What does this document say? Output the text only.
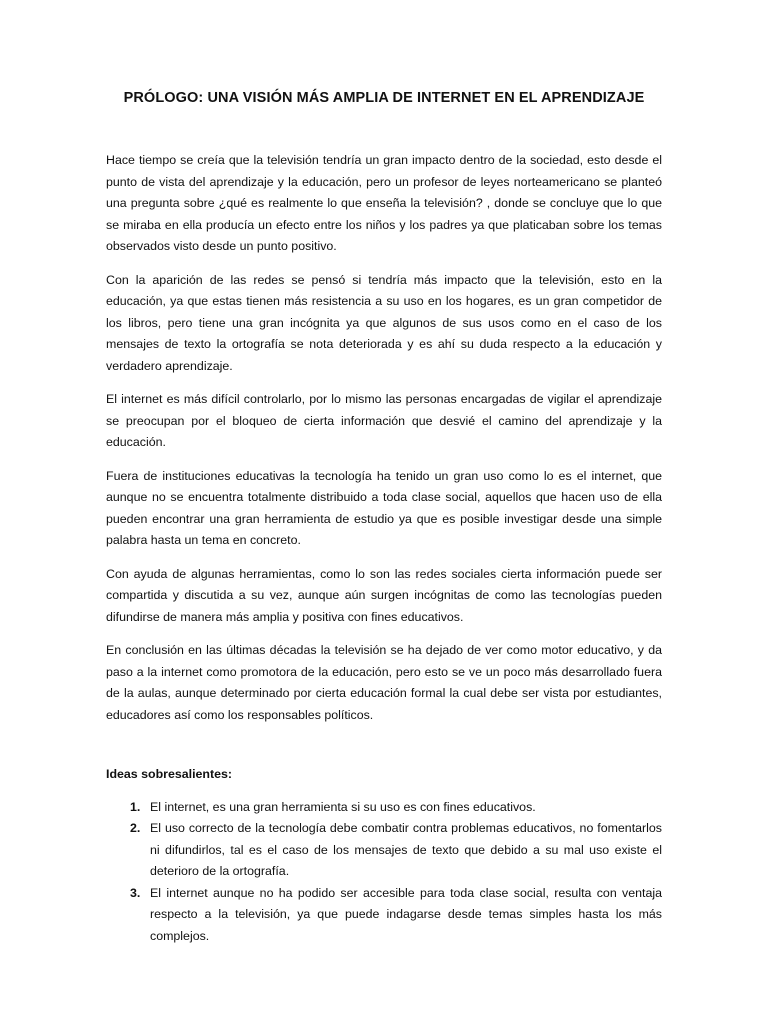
PRÓLOGO: UNA VISIÓN MÁS AMPLIA DE INTERNET EN EL APRENDIZAJE

Hace tiempo se creía que la televisión tendría un gran impacto dentro de la sociedad, esto desde el punto de vista del aprendizaje y la educación, pero un profesor de leyes norteamericano se planteó una pregunta sobre ¿qué es realmente lo que enseña la televisión? , donde se concluye que lo que se miraba en ella producía un efecto entre los niños y los padres ya que platicaban sobre los temas observados visto desde un punto positivo.

Con la aparición de las redes se pensó si tendría más impacto que la televisión, esto en la educación, ya que estas tienen más resistencia a su uso en los hogares, es un gran competidor de los libros, pero tiene una gran incógnita ya que algunos de sus usos como en el caso de los mensajes de texto la ortografía se nota deteriorada y es ahí su duda respecto a la educación y verdadero aprendizaje.

El internet es más difícil controlarlo, por lo mismo las personas encargadas de vigilar el aprendizaje se preocupan por el bloqueo de cierta información que desvié el camino del aprendizaje y la educación.

Fuera de instituciones educativas la tecnología ha tenido un gran uso como lo es el internet, que aunque no se encuentra totalmente distribuido a toda clase social, aquellos que hacen uso de ella pueden encontrar una gran herramienta de estudio ya que es posible investigar desde una simple palabra hasta un tema en concreto.

Con ayuda de algunas herramientas, como lo son las redes sociales cierta información puede ser compartida y discutida a su vez, aunque aún surgen incógnitas de como las tecnologías pueden difundirse de manera más amplia y positiva con fines educativos.

En conclusión en las últimas décadas la televisión se ha dejado de ver como motor educativo, y da paso a la internet como promotora de la educación, pero esto se ve un poco más desarrollado fuera de la aulas, aunque determinado por cierta educación formal la cual debe ser vista por estudiantes, educadores así como los responsables políticos.

Ideas sobresalientes:
1. El internet, es una gran herramienta si su uso es con fines educativos.
2. El uso correcto de la tecnología debe combatir contra problemas educativos, no fomentarlos ni difundirlos, tal es el caso de los mensajes de texto que debido a su mal uso existe el deterioro de la ortografía.
3. El internet aunque no ha podido ser accesible para toda clase social, resulta con ventaja respecto a la televisión, ya que puede indagarse desde temas simples hasta los más complejos.
